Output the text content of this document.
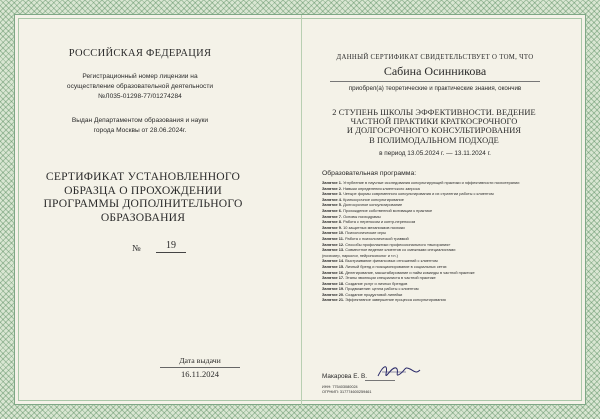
РОССИЙСКАЯ ФЕДЕРАЦИЯ
Регистрационный номер лицензии на
осуществление образовательной деятельности
№Л035-01298-77/01274284
Выдан Департаментом образования и науки
города Москвы от 28.06.2024г.
СЕРТИФИКАТ УСТАНОВЛЕННОГО
ОБРАЗЦА О ПРОХОЖДЕНИИ
ПРОГРАММЫ ДОПОЛНИТЕЛЬНОГО
ОБРАЗОВАНИЯ
№	19
Дата выдачи
16.11.2024
ДАННЫЙ СЕРТИФИКАТ СВИДЕТЕЛЬСТВУЕТ О ТОМ, ЧТО
Сабина Осинникова
приобрел(а) теоретические и практические знания, окончив
2 СТУПЕНЬ ШКОЛЫ ЭФФЕКТИВНОСТИ. ВЕДЕНИЕ
ЧАСТНОЙ ПРАКТИКИ КРАТКОСРОЧНОГО
И ДОЛГОСРОЧНОГО КОНСУЛЬТИРОВАНИЯ
В ПОЛИМОДАЛЬНОМ ПОДХОДЕ
в период 13.05.2024 г. — 13.11.2024 г.
Образовательная программа:
Занятие 1. Углубление в научные исследования консультирующей практики и эффективности психотерапии
Занятие 2. Навыки определения клиентского запроса
Занятие 3. Четыре формы современного консультирования и их стратегии работы с клиентом
Занятие 4. Краткосрочное консультирование
Занятие 5. Долгосрочное консультирование
Занятие 6. Прохождение собственной мотивации к практике
Занятие 7. Основы психодрамы
Занятие 8. Работа с переносом и контр-переносом
Занятие 9. 10 защитных механизмов психики
Занятие 10. Психологические игры
Занятие 11. Работа с психологической травмой
Занятие 12. Способы профилактики профессионального «выгорания»
Занятие 13. Совместное ведение клиентов со смежными специалистами
(психиатр, нарколог, нейропсихолог и т.п.)
Занятие 14. Выстраивание финансовых отношений с клиентом
Занятие 15. Личный бренд и позиционирование в социальных сетях
Занятие 16. Делегирование, масштабирование и найм команды в частной практике
Занятие 17. Этапы эволюции специалиста в частной практике
Занятие 18. Создание услуг и личных брендов
Занятие 19. Продвижение: цепла работы с клиентом
Занятие 20. Создание продуктовой линейки
Занятие 21. Эффективное завершение процесса консультирования
Макарова Е. В.
ИНН: 775403080024
ОГРНИП: 317774600259461
